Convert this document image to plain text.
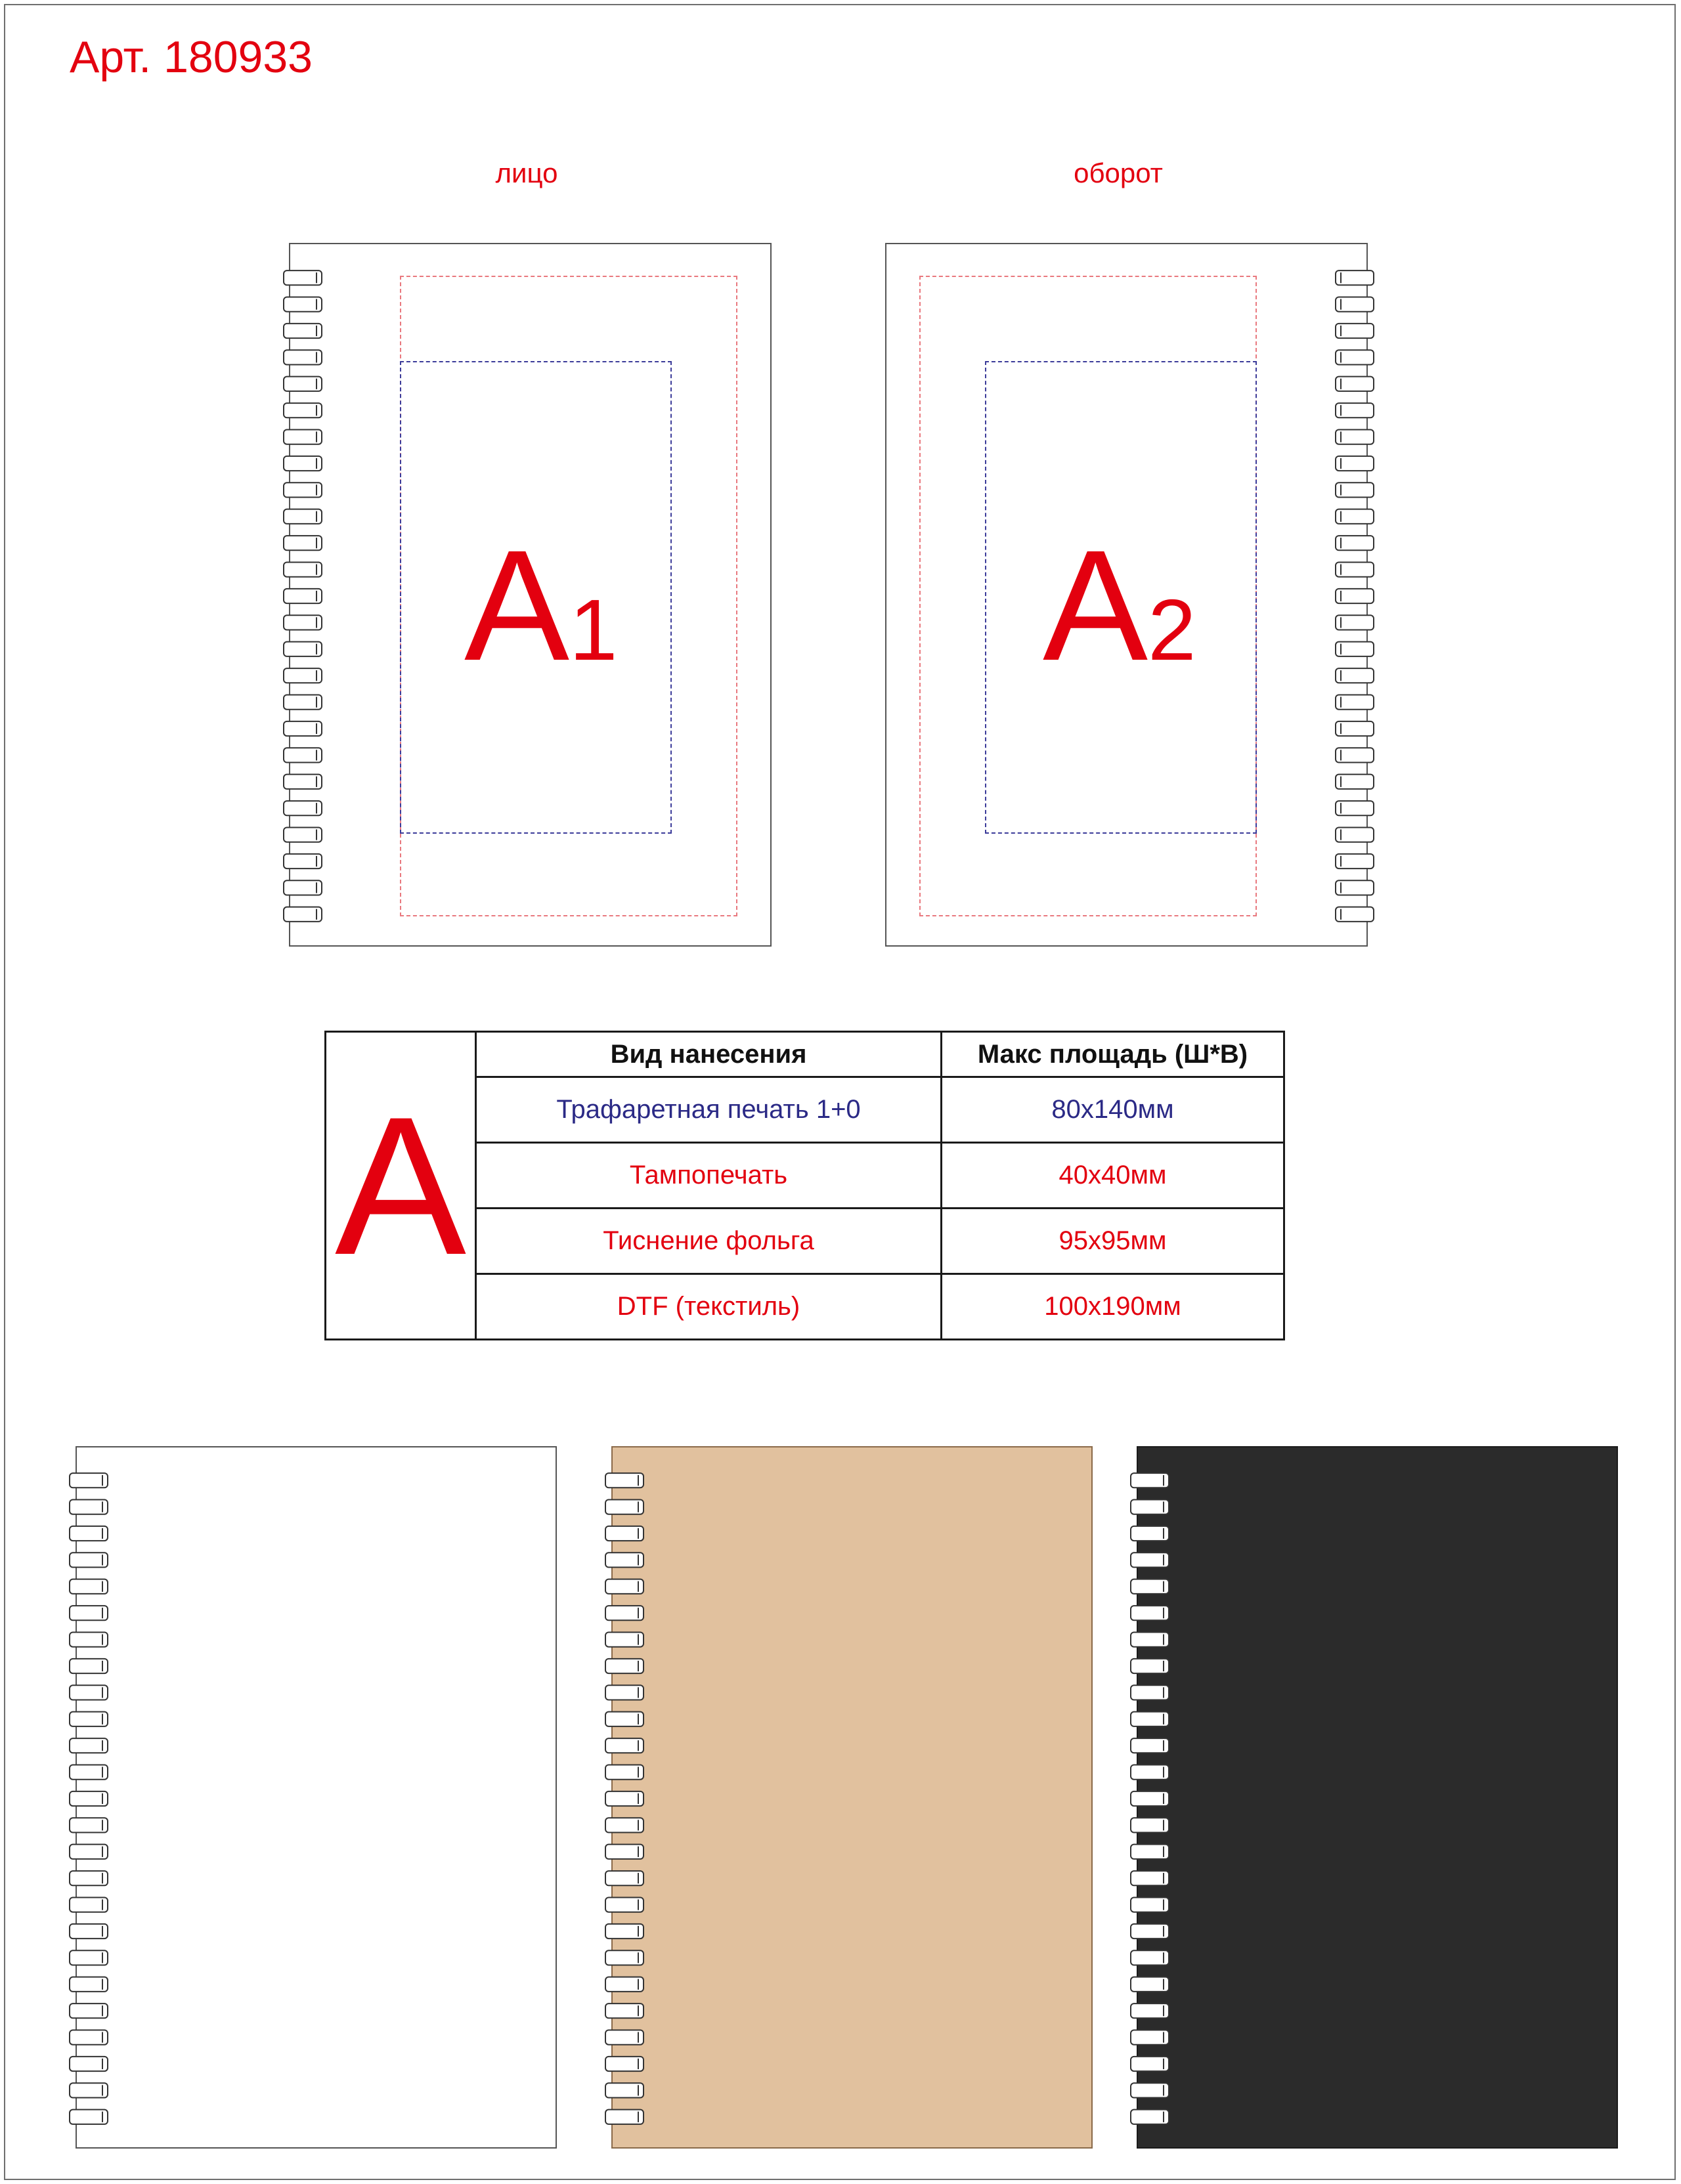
Арт. 180933
лицо	оборот
A1	A2
A	Вид нанесения	Макс площадь (Ш*В)
	Трафаретная печать 1+0	80х140мм
	Тампопечать	40х40мм
	Тиснение фольга	95х95мм
	DTF (текстиль)	100х190мм
